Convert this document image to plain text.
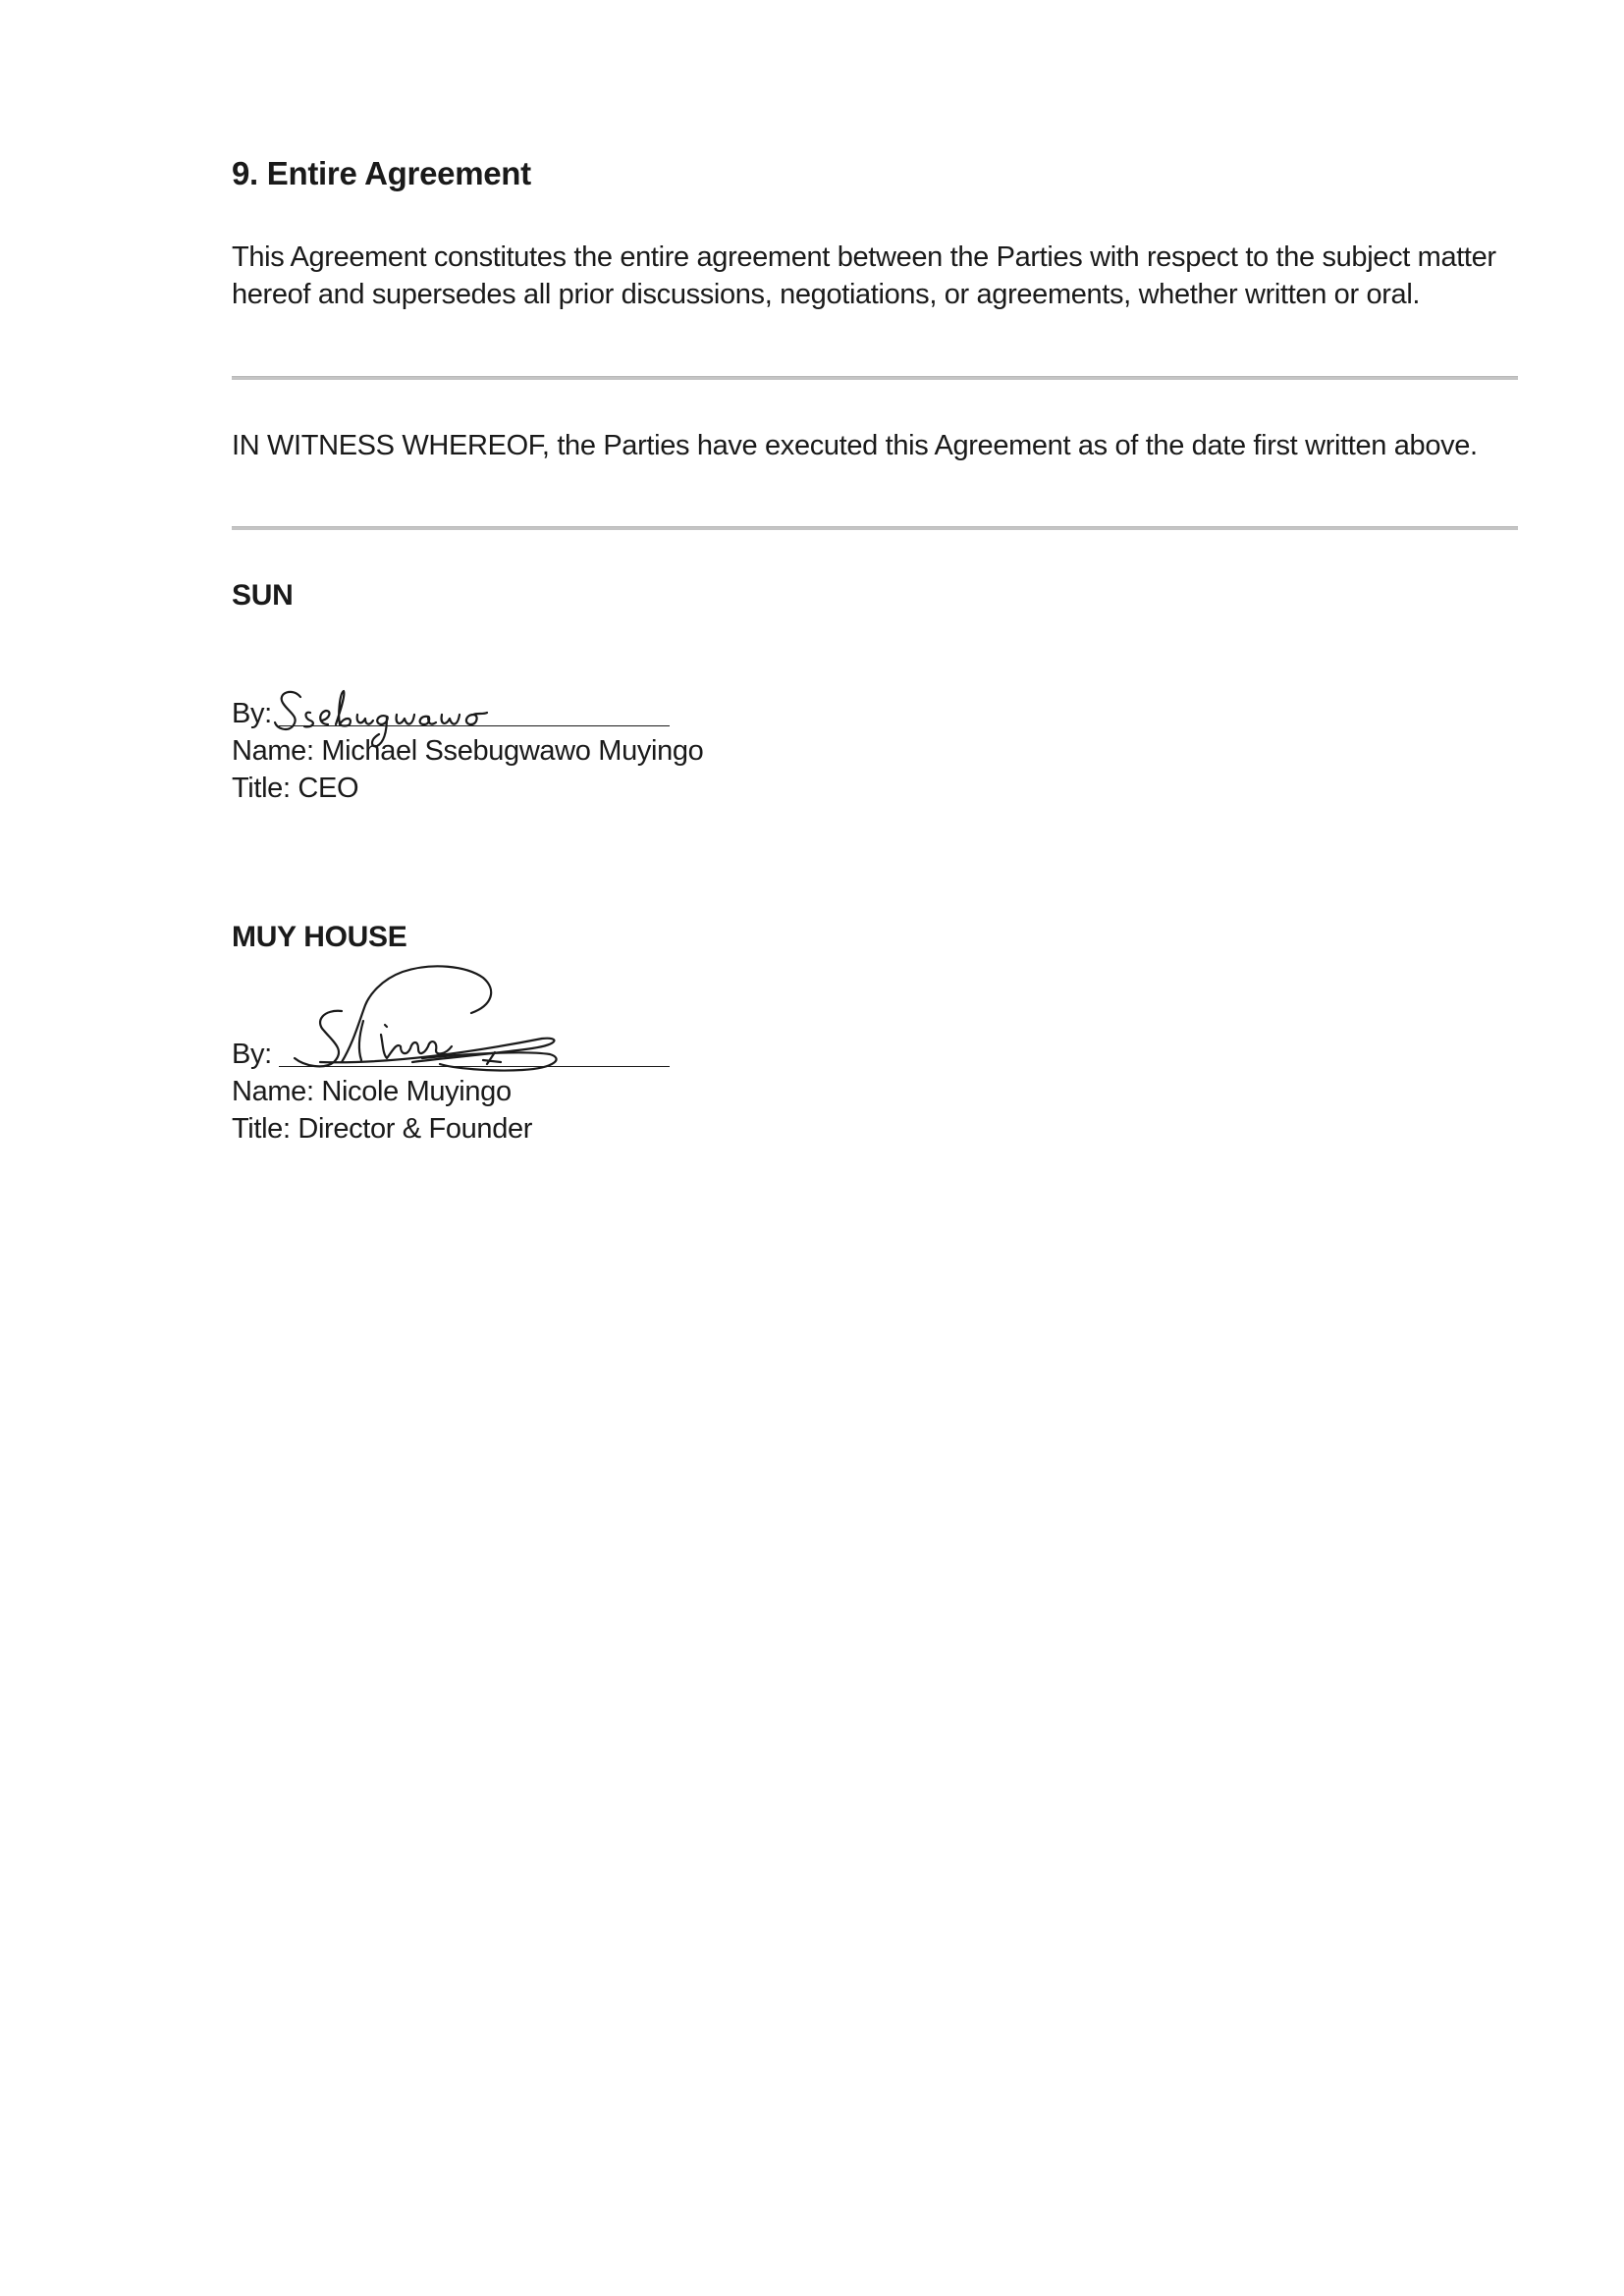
9. Entire Agreement
This Agreement constitutes the entire agreement between the Parties with respect to the subject matter
hereof and supersedes all prior discussions, negotiations, or agreements, whether written or oral.

IN WITNESS WHEREOF, the Parties have executed this Agreement as of the date first written above.

SUN
By:
Name: Michael Ssebugwawo Muyingo
Title: CEO
MUY HOUSE
By:
Name: Nicole Muyingo
Title: Director & Founder
